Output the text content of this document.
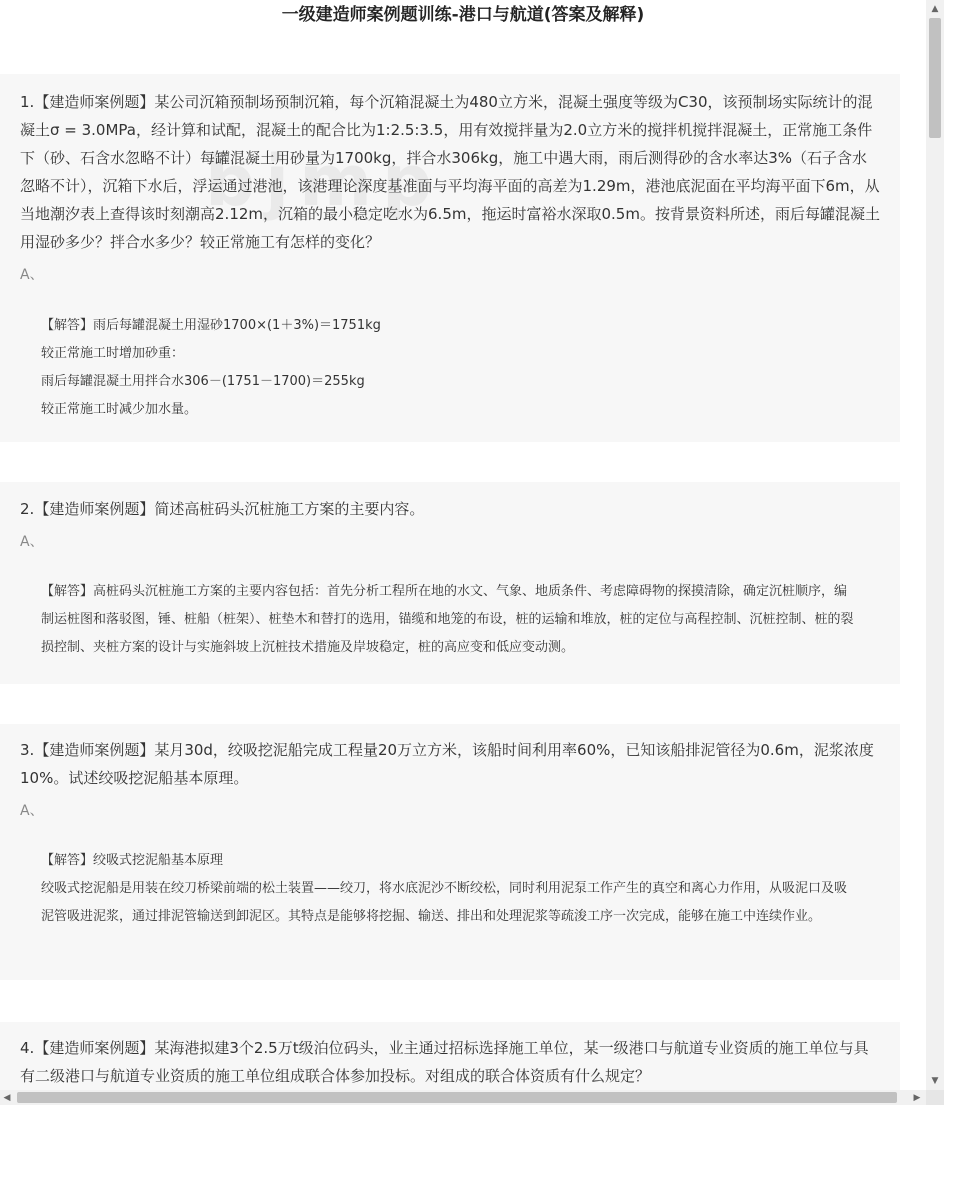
一级建造师案例题训练-港口与航道(答案及解释)

1.【建造师案例题】某公司沉箱预制场预制沉箱，每个沉箱混凝土为480立方米，混凝土强度等级为C30，该预制场实际统计的混凝土σ = 3.0MPa，经计算和试配，混凝土的配合比为1:2.5:3.5，用有效搅拌量为2.0立方米的搅拌机搅拌混凝土，正常施工条件下（砂、石含水忽略不计）每罐混凝土用砂量为1700kg，拌合水306kg，施工中遇大雨，雨后测得砂的含水率达3%（石子含水忽略不计），沉箱下水后，浮运通过港池，该港理论深度基准面与平均海平面的高差为1.29m，港池底泥面在平均海平面下6m，从当地潮汐表上查得该时刻潮高2.12m，沉箱的最小稳定吃水为6.5m，拖运时富裕水深取0.5m。按背景资料所述，雨后每罐混凝土用湿砂多少？拌合水多少？较正常施工有怎样的变化？

A、

【解答】雨后每罐混凝土用湿砂1700×(1＋3%)＝1751kg

较正常施工时增加砂重：

雨后每罐混凝土用拌合水306－(1751－1700)＝255kg

较正常施工时减少加水量。

2.【建造师案例题】简述高桩码头沉桩施工方案的主要内容。

A、

【解答】高桩码头沉桩施工方案的主要内容包括：首先分析工程所在地的水文、气象、地质条件、考虑障碍物的探摸清除，确定沉桩顺序，编制运桩图和落驳图，锤、桩船（桩架）、桩垫木和替打的选用，锚缆和地笼的布设，桩的运输和堆放，桩的定位与高程控制、沉桩控制、桩的裂损控制、夹桩方案的设计与实施斜坡上沉桩技术措施及岸坡稳定，桩的高应变和低应变动测。

3.【建造师案例题】某月30d，绞吸挖泥船完成工程量20万立方米，该船时间利用率60%，已知该船排泥管径为0.6m，泥浆浓度10%。试述绞吸挖泥船基本原理。

A、

【解答】绞吸式挖泥船基本原理

绞吸式挖泥船是用装在绞刀桥梁前端的松土装置——绞刀，将水底泥沙不断绞松，同时利用泥泵工作产生的真空和离心力作用，从吸泥口及吸泥管吸进泥浆，通过排泥管输送到卸泥区。其特点是能够将挖掘、输送、排出和处理泥浆等疏浚工序一次完成，能够在施工中连续作业。

4.【建造师案例题】某海港拟建3个2.5万t级泊位码头，业主通过招标选择施工单位，某一级港口与航道专业资质的施工单位与具有二级港口与航道专业资质的施工单位组成联合体参加投标。对组成的联合体资质有什么规定？

▲
▼
◀	▶
